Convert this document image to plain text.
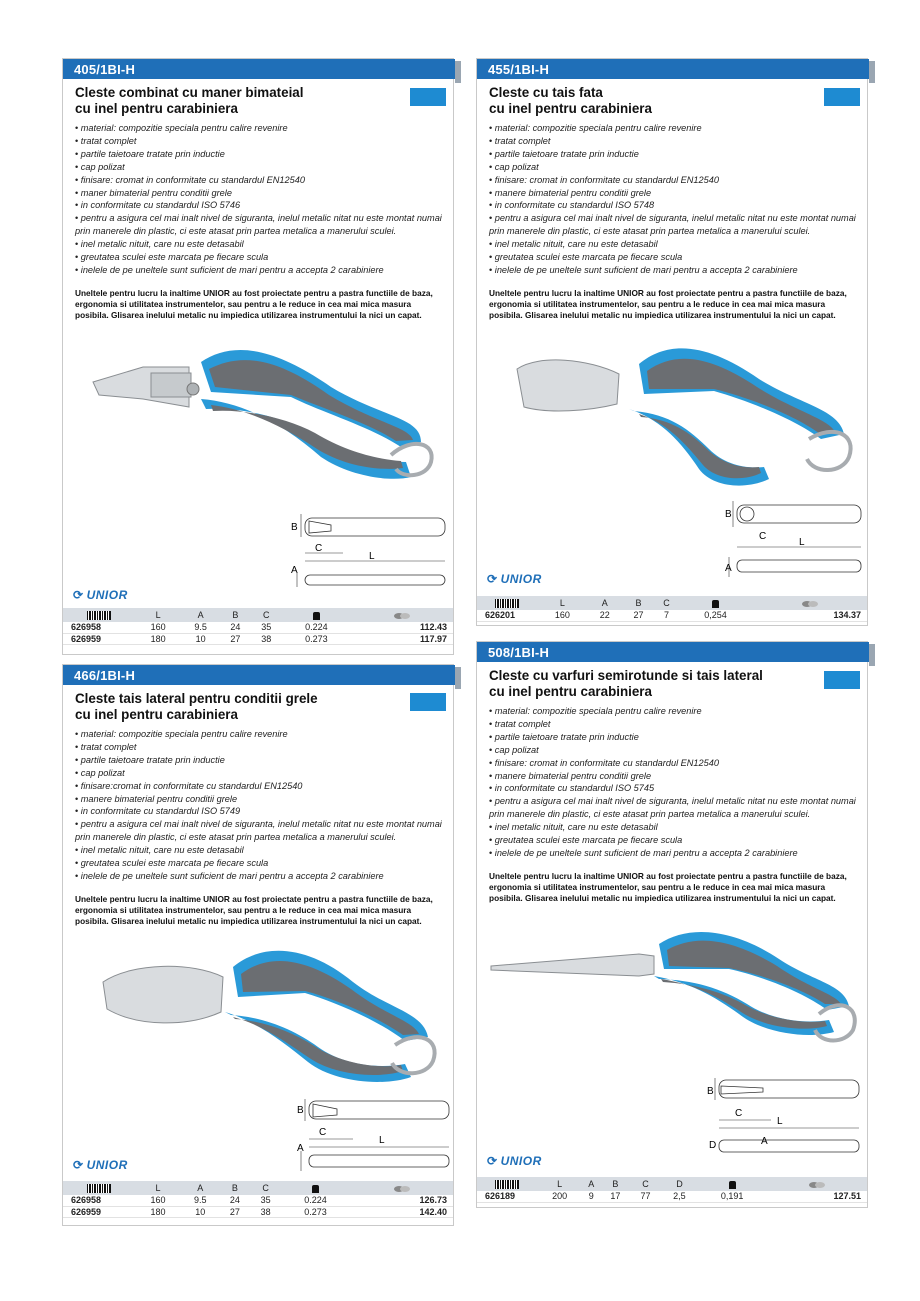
405/1BI-H
Cleste combinat cu maner bimateial
cu inel pentru carabiniera
• material: compozitie speciala pentru calire revenire
• tratat complet
• partile taietoare tratate prin inductie
• cap polizat
• finisare: cromat in conformitate cu standardul EN12540
• maner bimaterial pentru conditii grele
• in conformitate cu standardul ISO 5746
• pentru a asigura cel mai inalt nivel de siguranta, inelul metalic nitat nu este montat numai prin manerele din plastic, ci este atasat prin partea metalica a manerului sculei.
• inel metalic nituit, care nu este detasabil
• greutatea sculei este marcata pe fiecare scula
• inelele de pe uneltele sunt suficient de mari pentru a accepta 2 carabiniere
Uneltele pentru lucru la inaltime UNIOR au fost proiectate pentru a pastra functiile de baza, ergonomia si utilitatea instrumentelor, sau pentru a le reduce in cea mai mica masura posibila. Glisarea inelului metalic nu impiedica utilizarea instrumentului la nici un capat.
B
C
L
A
⟳ UNIOR
	L	A	B	C		
626958	160	9.5	24	35	0.224	112.43
626959	180	10	27	38	0.273	117.97
455/1BI-H
Cleste cu tais fata
cu inel pentru carabiniera
• material: compozitie speciala pentru calire revenire
• tratat complet
• partile taietoare tratate prin inductie
• cap polizat
• finisare: cromat in conformitate cu standardul EN12540
• manere bimaterial pentru conditii grele
• in conformitate cu standardul ISO 5748
• pentru a asigura cel mai inalt nivel de siguranta, inelul metalic nitat nu este montat numai prin manerele din plastic, ci este atasat prin partea metalica a manerului sculei.
• inel metalic nituit, care nu este detasabil
• greutatea sculei este marcata pe fiecare scula
• inelele de pe uneltele sunt suficient de mari pentru a accepta 2 carabiniere
Uneltele pentru lucru la inaltime UNIOR au fost proiectate pentru a pastra functiile de baza, ergonomia si utilitatea instrumentelor, sau pentru a le reduce in cea mai mica masura posibila. Glisarea inelului metalic nu impiedica utilizarea instrumentului la nici un capat.
B
C
L
A
⟳ UNIOR
	L	A	B	C		
626201	160	22	27	7	0,254	134.37
466/1BI-H
Cleste tais lateral pentru conditii grele
cu inel pentru carabiniera
• material: compozitie speciala pentru calire revenire
• tratat complet
• partile taietoare tratate prin inductie
• cap polizat
• finisare:cromat in conformitate cu standardul EN12540
• manere bimaterial pentru conditii grele
• in conformitate cu standardul ISO 5749
• pentru a asigura cel mai inalt nivel de siguranta, inelul metalic nitat nu este montat numai prin manerele din plastic, ci este atasat prin partea metalica a manerului sculei.
• inel metalic nituit, care nu este detasabil
• greutatea sculei este marcata pe fiecare scula
• inelele de pe uneltele sunt suficient de mari pentru a accepta 2 carabiniere
Uneltele pentru lucru la inaltime UNIOR au fost proiectate pentru a pastra functiile de baza, ergonomia si utilitatea instrumentelor, sau pentru a le reduce in cea mai mica masura posibila. Glisarea inelului metalic nu impiedica utilizarea instrumentului la nici un capat.
B
C
L
A
⟳ UNIOR
	L	A	B	C		
626958	160	9.5	24	35	0.224	126.73
626959	180	10	27	38	0.273	142.40
508/1BI-H
Cleste cu varfuri semirotunde si tais lateral
cu inel pentru carabiniera
• material: compozitie speciala pentru calire revenire
• tratat complet
• partile taietoare tratate prin inductie
• cap polizat
• finisare: cromat in conformitate cu standardul EN12540
• manere bimaterial pentru conditii grele
• in conformitate cu standardul ISO 5745
• pentru a asigura cel mai inalt nivel de siguranta, inelul metalic nitat nu este montat numai prin manerele din plastic, ci este atasat prin partea metalica a manerului sculei.
• inel metalic nituit, care nu este detasabil
• greutatea sculei este marcata pe fiecare scula
• inelele de pe uneltele sunt suficient de mari pentru a accepta 2 carabiniere
Uneltele pentru lucru la inaltime UNIOR au fost proiectate pentru a pastra functiile de baza, ergonomia si utilitatea instrumentelor, sau pentru a le reduce in cea mai mica masura posibila. Glisarea inelului metalic nu impiedica utilizarea instrumentului la nici un capat.
B
C
L
D	A
⟳ UNIOR
	L	A	B	C	D		
626189	200	9	17	77	2,5	0,191	127.51
